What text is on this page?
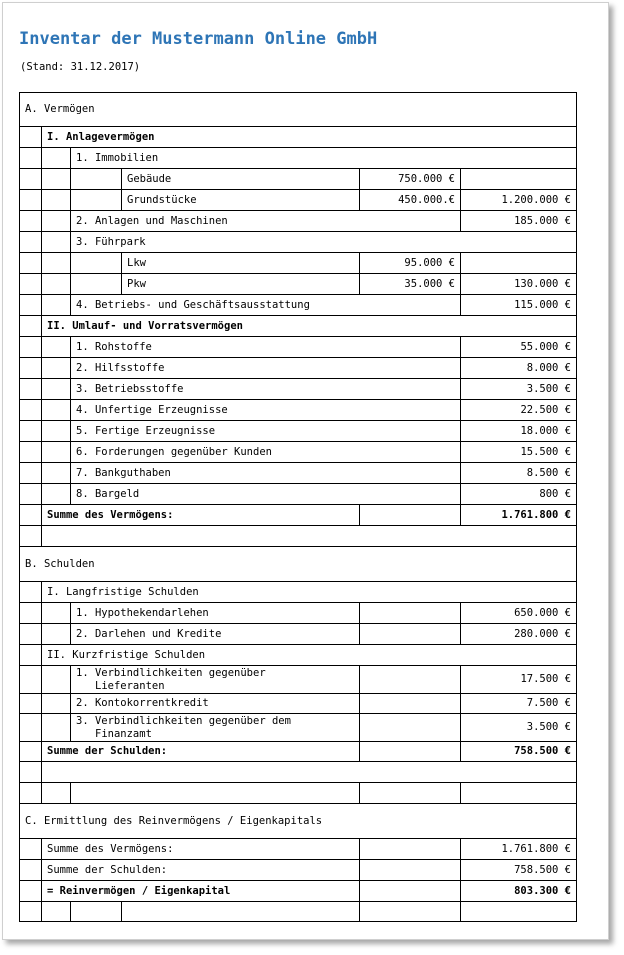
Inventar der Mustermann Online GmbH
(Stand: 31.12.2017)
A. Vermögen					
	I. Anlagevermögen				
		1. Immobilien			
			Gebäude	750.000 €	
			Grundstücke	450.000.€	1.200.000 €
		2. Anlagen und Maschinen			185.000 €
		3. Führpark			
			Lkw	95.000 €	
			Pkw	35.000 €	130.000 €
		4. Betriebs- und Geschäftsausstattung			115.000 €
	II. Umlauf- und Vorratsvermögen				
		1. Rohstoffe			55.000 €
		2. Hilfsstoffe			8.000 €
		3. Betriebsstoffe			3.500 €
		4. Unfertige Erzeugnisse			22.500 €
		5. Fertige Erzeugnisse			18.000 €
		6. Forderungen gegenüber Kunden			15.500 €
		7. Bankguthaben			8.500 €
		8. Bargeld			800 €
	Summe des Vermögens:				1.761.800 €

B. Schulden					
	I. Langfristige Schulden				
		1. Hypothekendarlehen			650.000 €
		2. Darlehen und Kredite			280.000 €
	II. Kurzfristige Schulden				
		1. Verbindlichkeiten gegenüber
Lieferanten			17.500 €
		2. Kontokorrentkredit			7.500 €
		3. Verbindlichkeiten gegenüber dem
Finanzamt			3.500 €
	Summe der Schulden:				758.500 €

C. Ermittlung des Reinvermögens / Eigenkapitals					
	Summe des Vermögens:				1.761.800 €
	Summe der Schulden:				758.500 €
	= Reinvermögen / Eigenkapital				803.300 €
